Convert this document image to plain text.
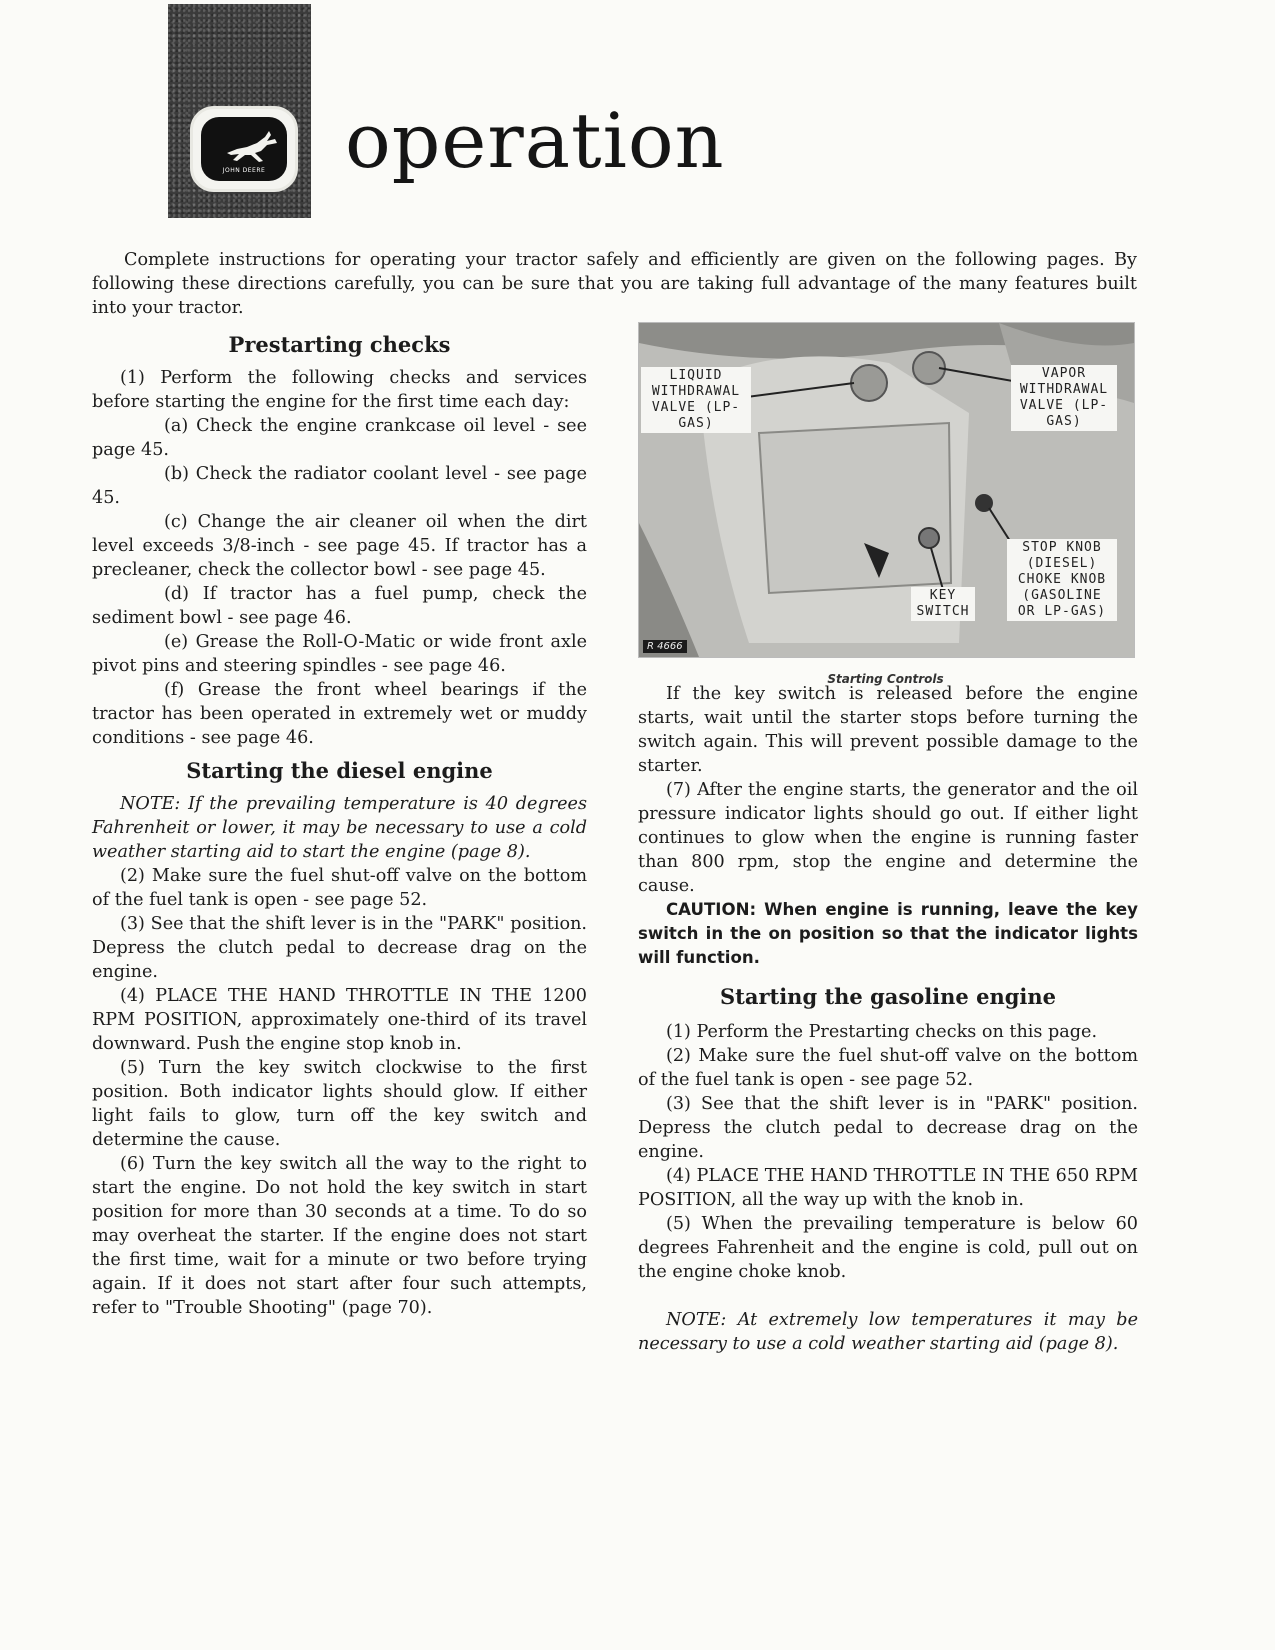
JOHN DEERE operation

Complete instructions for operating your tractor safely and efficiently are given on the following pages. By following these directions carefully, you can be sure that you are taking full advantage of the many features built into your tractor.

Prestarting checks

(1) Perform the following checks and services before starting the engine for the first time each day:

(a) Check the engine crankcase oil level - see page 45.

(b) Check the radiator coolant level - see page 45.

(c) Change the air cleaner oil when the dirt level exceeds 3/8-inch - see page 45. If tractor has a precleaner, check the collector bowl - see page 45.

(d) If tractor has a fuel pump, check the sediment bowl - see page 46.

(e) Grease the Roll-O-Matic or wide front axle pivot pins and steering spindles - see page 46.

(f) Grease the front wheel bearings if the tractor has been operated in extremely wet or muddy conditions - see page 46.

Starting the diesel engine

NOTE: If the prevailing temperature is 40 degrees Fahrenheit or lower, it may be necessary to use a cold weather starting aid to start the engine (page 8).

(2) Make sure the fuel shut-off valve on the bottom of the fuel tank is open - see page 52.

(3) See that the shift lever is in the "PARK" position. Depress the clutch pedal to decrease drag on the engine.

(4) PLACE THE HAND THROTTLE IN THE 1200 RPM POSITION, approximately one-third of its travel downward. Push the engine stop knob in.

(5) Turn the key switch clockwise to the first position. Both indicator lights should glow. If either light fails to glow, turn off the key switch and determine the cause.

(6) Turn the key switch all the way to the right to start the engine. Do not hold the key switch in start position for more than 30 seconds at a time. To do so may overheat the starter. If the engine does not start the first time, wait for a minute or two before trying again. If it does not start after four such attempts, refer to "Trouble Shooting" (page 70).

LIQUID WITHDRAWAL VALVE (LP-GAS)
VAPOR WITHDRAWAL VALVE (LP-GAS)
STOP KNOB (DIESEL) CHOKE KNOB (GASOLINE OR LP-GAS)
KEY SWITCH
R 4666
Starting Controls

If the key switch is released before the engine starts, wait until the starter stops before turning the switch again. This will prevent possible damage to the starter.

(7) After the engine starts, the generator and the oil pressure indicator lights should go out. If either light continues to glow when the engine is running faster than 800 rpm, stop the engine and determine the cause.

CAUTION: When engine is running, leave the key switch in the on position so that the indicator lights will function.

Starting the gasoline engine

(1) Perform the Prestarting checks on this page.

(2) Make sure the fuel shut-off valve on the bottom of the fuel tank is open - see page 52.

(3) See that the shift lever is in "PARK" position. Depress the clutch pedal to decrease drag on the engine.

(4) PLACE THE HAND THROTTLE IN THE 650 RPM POSITION, all the way up with the knob in.

(5) When the prevailing temperature is below 60 degrees Fahrenheit and the engine is cold, pull out on the engine choke knob.

NOTE: At extremely low temperatures it may be necessary to use a cold weather starting aid (page 8).
